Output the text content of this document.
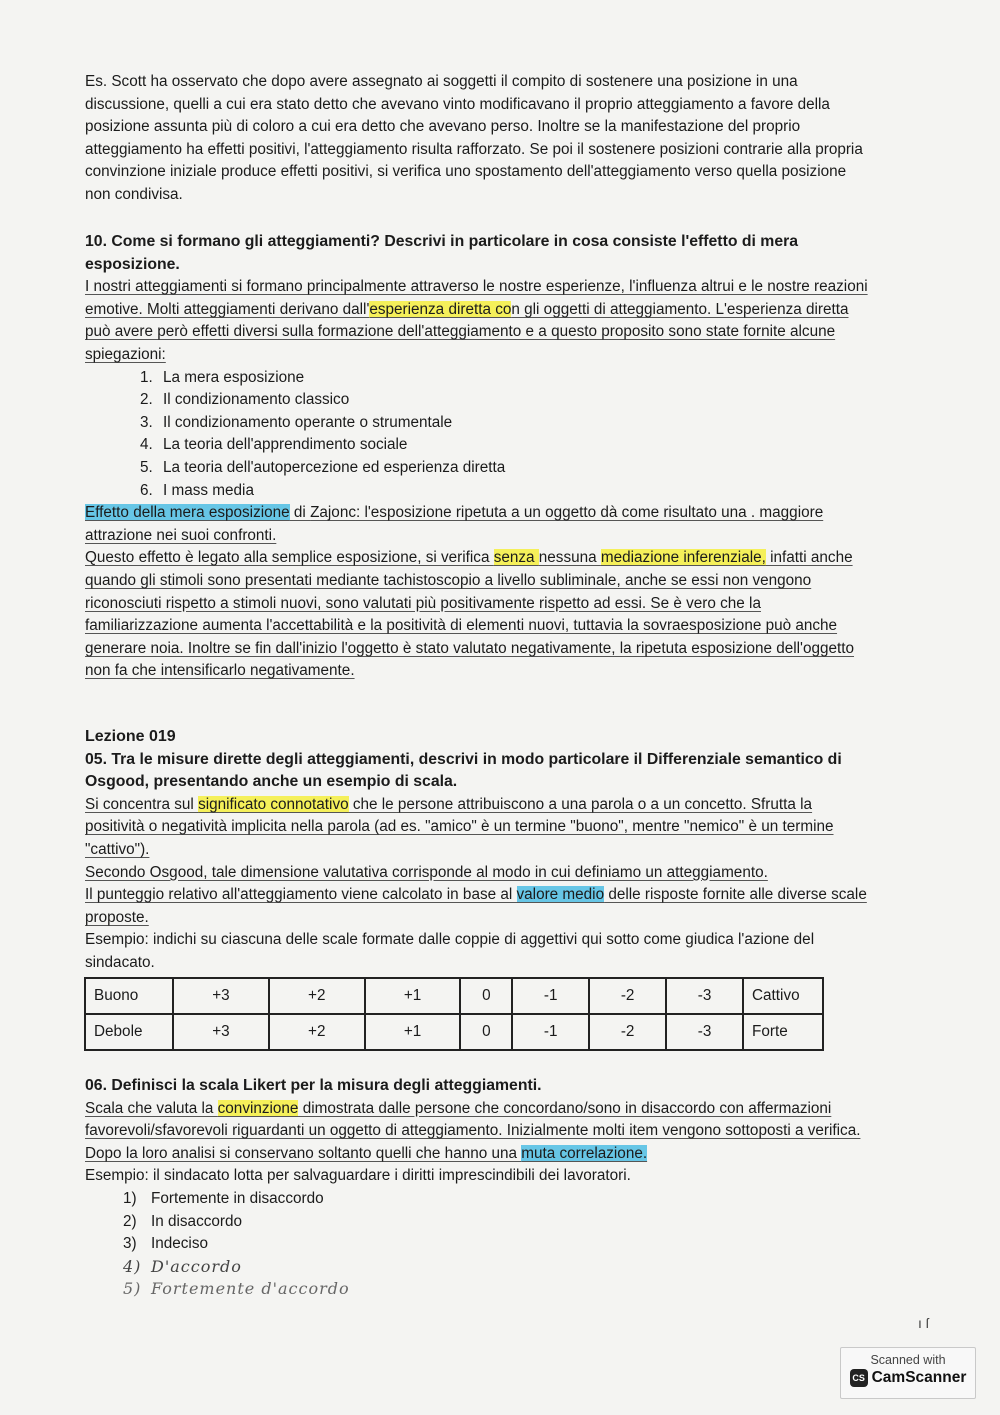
Es. Scott ha osservato che dopo avere assegnato ai soggetti il compito di sostenere una posizione in una discussione, quelli a cui era stato detto che avevano vinto modificavano il proprio atteggiamento a favore della posizione assunta più di coloro a cui era detto che avevano perso. Inoltre se la manifestazione del proprio atteggiamento ha effetti positivi, l'atteggiamento risulta rafforzato. Se poi il sostenere posizioni contrarie alla propria convinzione iniziale produce effetti positivi, si verifica uno spostamento dell'atteggiamento verso quella posizione non condivisa.

10. Come si formano gli atteggiamenti? Descrivi in particolare in cosa consiste l'effetto di mera esposizione.

I nostri atteggiamenti si formano principalmente attraverso le nostre esperienze, l'influenza altrui e le nostre reazioni emotive. Molti atteggiamenti derivano dall'esperienza diretta con gli oggetti di atteggiamento. L'esperienza diretta può avere però effetti diversi sulla formazione dell'atteggiamento e a questo proposito sono state fornite alcune spiegazioni:

1. La mera esposizione
2. Il condizionamento classico
3. Il condizionamento operante o strumentale
4. La teoria dell'apprendimento sociale
5. La teoria dell'autopercezione ed esperienza diretta
6. I mass media

Effetto della mera esposizione di Zajonc: l'esposizione ripetuta a un oggetto dà come risultato una . maggiore attrazione nei suoi confronti.

Questo effetto è legato alla semplice esposizione, si verifica senza nessuna mediazione inferenziale, infatti anche quando gli stimoli sono presentati mediante tachistoscopio a livello subliminale, anche se essi non vengono riconosciuti rispetto a stimoli nuovi, sono valutati più positivamente rispetto ad essi. Se è vero che la familiarizzazione aumenta l'accettabilità e la positività di elementi nuovi, tuttavia la sovraesposizione può anche generare noia. Inoltre se fin dall'inizio l'oggetto è stato valutato negativamente, la ripetuta esposizione dell'oggetto non fa che intensificarlo negativamente.

Lezione 019

05. Tra le misure dirette degli atteggiamenti, descrivi in modo particolare il Differenziale semantico di Osgood, presentando anche un esempio di scala.

Si concentra sul significato connotativo che le persone attribuiscono a una parola o a un concetto. Sfrutta la positività o negatività implicita nella parola (ad es. "amico" è un termine "buono", mentre "nemico" è un termine "cattivo").

Secondo Osgood, tale dimensione valutativa corrisponde al modo in cui definiamo un atteggiamento.

Il punteggio relativo all'atteggiamento viene calcolato in base al valore medio delle risposte fornite alle diverse scale proposte.

Esempio: indichi su ciascuna delle scale formate dalle coppie di aggettivi qui sotto come giudica l'azione del sindacato.

Buono	+3	+2	+1	0	-1	-2	-3	Cattivo
Debole	+3	+2	+1	0	-1	-2	-3	Forte

06. Definisci la scala Likert per la misura degli atteggiamenti.

Scala che valuta la convinzione dimostrata dalle persone che concordano/sono in disaccordo con affermazioni favorevoli/sfavorevoli riguardanti un oggetto di atteggiamento. Inizialmente molti item vengono sottoposti a verifica. Dopo la loro analisi si conservano soltanto quelli che hanno una muta correlazione.

Esempio: il sindacato lotta per salvaguardare i diritti imprescindibili dei lavoratori.

1) Fortemente in disaccordo
2) In disaccordo
3) Indeciso
4) D'accordo
5) Fortemente d'accordo
ı ſ
Scanned with
CS CamScanner
